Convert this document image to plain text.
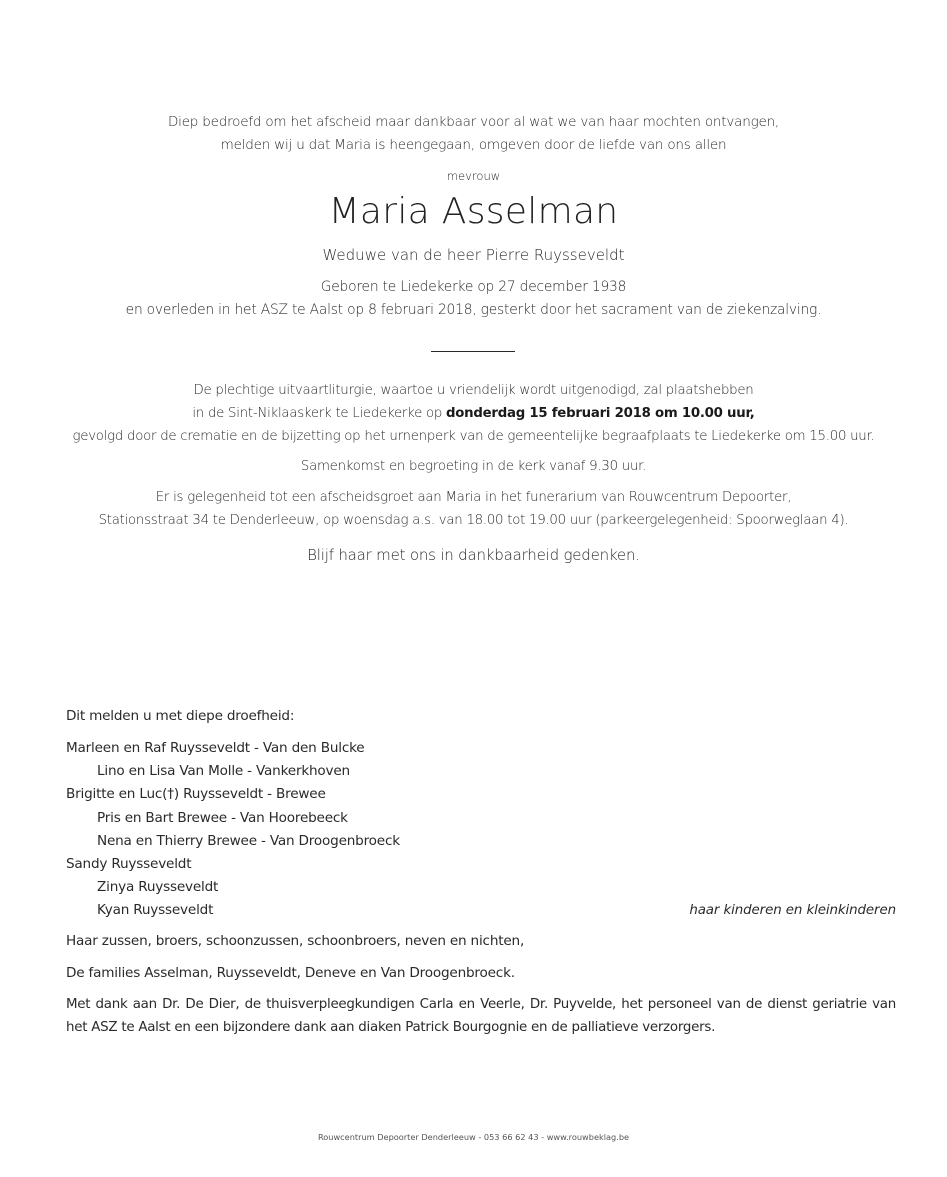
Diep bedroefd om het afscheid maar dankbaar voor al wat we van haar mochten ontvangen,
melden wij u dat Maria is heengegaan, omgeven door de liefde van ons allen
mevrouw
Maria Asselman
Weduwe van de heer Pierre Ruysseveldt
Geboren te Liedekerke op 27 december 1938
en overleden in het ASZ te Aalst op 8 februari 2018, gesterkt door het sacrament van de ziekenzalving.
De plechtige uitvaartliturgie, waartoe u vriendelijk wordt uitgenodigd, zal plaatshebben
in de Sint-Niklaaskerk te Liedekerke op donderdag 15 februari 2018 om 10.00 uur,
gevolgd door de crematie en de bijzetting op het urnenperk van de gemeentelijke begraafplaats te Liedekerke om 15.00 uur.
Samenkomst en begroeting in de kerk vanaf 9.30 uur.
Er is gelegenheid tot een afscheidsgroet aan Maria in het funerarium van Rouwcentrum Depoorter,
Stationsstraat 34 te Denderleeuw, op woensdag a.s. van 18.00 tot 19.00 uur (parkeergelegenheid: Spoorweglaan 4).
Blijf haar met ons in dankbaarheid gedenken.
Dit melden u met diepe droefheid:
Marleen en Raf Ruysseveldt - Van den Bulcke
Lino en Lisa Van Molle - Vankerkhoven
Brigitte en Luc(†) Ruysseveldt - Brewee
Pris en Bart Brewee - Van Hoorebeeck
Nena en Thierry Brewee - Van Droogenbroeck
Sandy Ruysseveldt
Zinya Ruysseveldt
Kyan Ruysseveldt	haar kinderen en kleinkinderen
Haar zussen, broers, schoonzussen, schoonbroers, neven en nichten,
De families Asselman, Ruysseveldt, Deneve en Van Droogenbroeck.
Met dank aan Dr. De Dier, de thuisverpleegkundigen Carla en Veerle, Dr. Puyvelde, het personeel van de dienst geriatrie van het ASZ te Aalst en een bijzondere dank aan diaken Patrick Bourgognie en de palliatieve verzorgers.
Rouwcentrum Depoorter Denderleeuw - 053 66 62 43 - www.rouwbeklag.be
